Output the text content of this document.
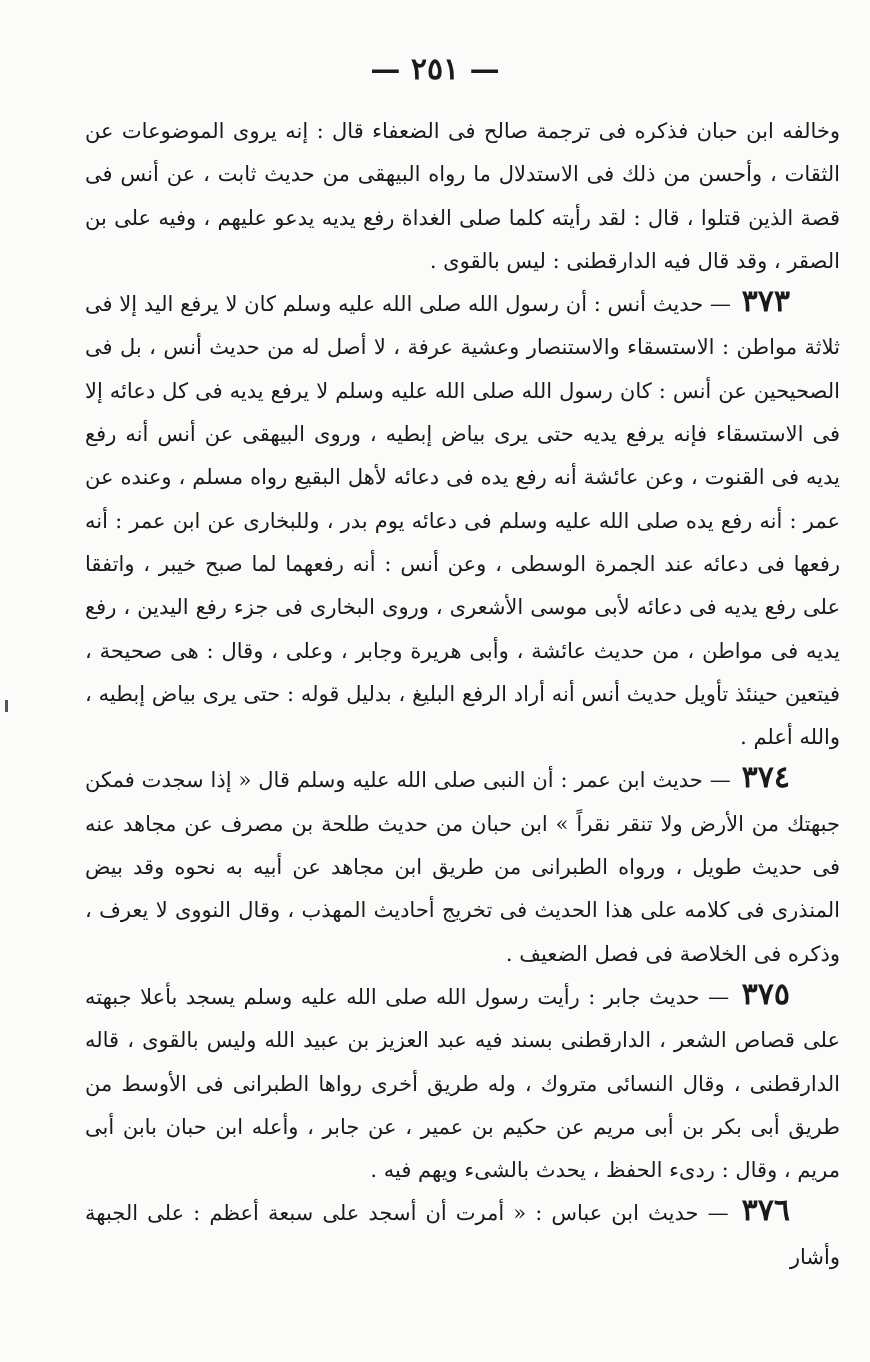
— ٢٥١ —

وخالفه ابن حبان فذكره فى ترجمة صالح فى الضعفاء قال : إنه يروى الموضوعات عن الثقات ، وأحسن من ذلك فى الاستدلال ما رواه البيهقى من حديث ثابت ، عن أنس فى قصة الذين قتلوا ، قال : لقد رأيته كلما صلى الغداة رفع يديه يدعو عليهم ، وفيه على بن الصقر ، وقد قال فيه الدارقطنى : ليس بالقوى .

٣٧٣ — حديث أنس : أن رسول الله صلى الله عليه وسلم كان لا يرفع اليد إلا فى ثلاثة مواطن : الاستسقاء والاستنصار وعشية عرفة ، لا أصل له من حديث أنس ، بل فى الصحيحين عن أنس : كان رسول الله صلى الله عليه وسلم لا يرفع يديه فى كل دعائه إلا فى الاستسقاء فإنه يرفع يديه حتى يرى بياض إبطيه ، وروى البيهقى عن أنس أنه رفع يديه فى القنوت ، وعن عائشة أنه رفع يده فى دعائه لأهل البقيع رواه مسلم ، وعنده عن عمر : أنه رفع يده صلى الله عليه وسلم فى دعائه يوم بدر ، وللبخارى عن ابن عمر : أنه رفعها فى دعائه عند الجمرة الوسطى ، وعن أنس : أنه رفعهما لما صبح خيبر ، واتفقا على رفع يديه فى دعائه لأبى موسى الأشعرى ، وروى البخارى فى جزء رفع اليدين ، رفع يديه فى مواطن ، من حديث عائشة ، وأبى هريرة وجابر ، وعلى ، وقال : هى صحيحة ، فيتعين حينئذ تأويل حديث أنس أنه أراد الرفع البليغ ، بدليل قوله : حتى يرى بياض إبطيه ، والله أعلم .

٣٧٤ — حديث ابن عمر : أن النبى صلى الله عليه وسلم قال « إذا سجدت فمكن جبهتك من الأرض ولا تنقر نقراً » ابن حبان من حديث طلحة بن مصرف عن مجاهد عنه فى حديث طويل ، ورواه الطبرانى من طريق ابن مجاهد عن أبيه به نحوه وقد بيض المنذرى فى كلامه على هذا الحديث فى تخريج أحاديث المهذب ، وقال النووى لا يعرف ، وذكره فى الخلاصة فى فصل الضعيف .

٣٧٥ — حديث جابر : رأيت رسول الله صلى الله عليه وسلم يسجد بأعلا جبهته على قصاص الشعر ، الدارقطنى بسند فيه عبد العزيز بن عبيد الله وليس بالقوى ، قاله الدارقطنى ، وقال النسائى متروك ، وله طريق أخرى رواها الطبرانى فى الأوسط من طريق أبى بكر بن أبى مريم عن حكيم بن عمير ، عن جابر ، وأعله ابن حبان بابن أبى مريم ، وقال : ردىء الحفظ ، يحدث بالشىء ويهم فيه .

٣٧٦ — حديث ابن عباس : « أمرت أن أسجد على سبعة أعظم : على الجبهة وأشار
